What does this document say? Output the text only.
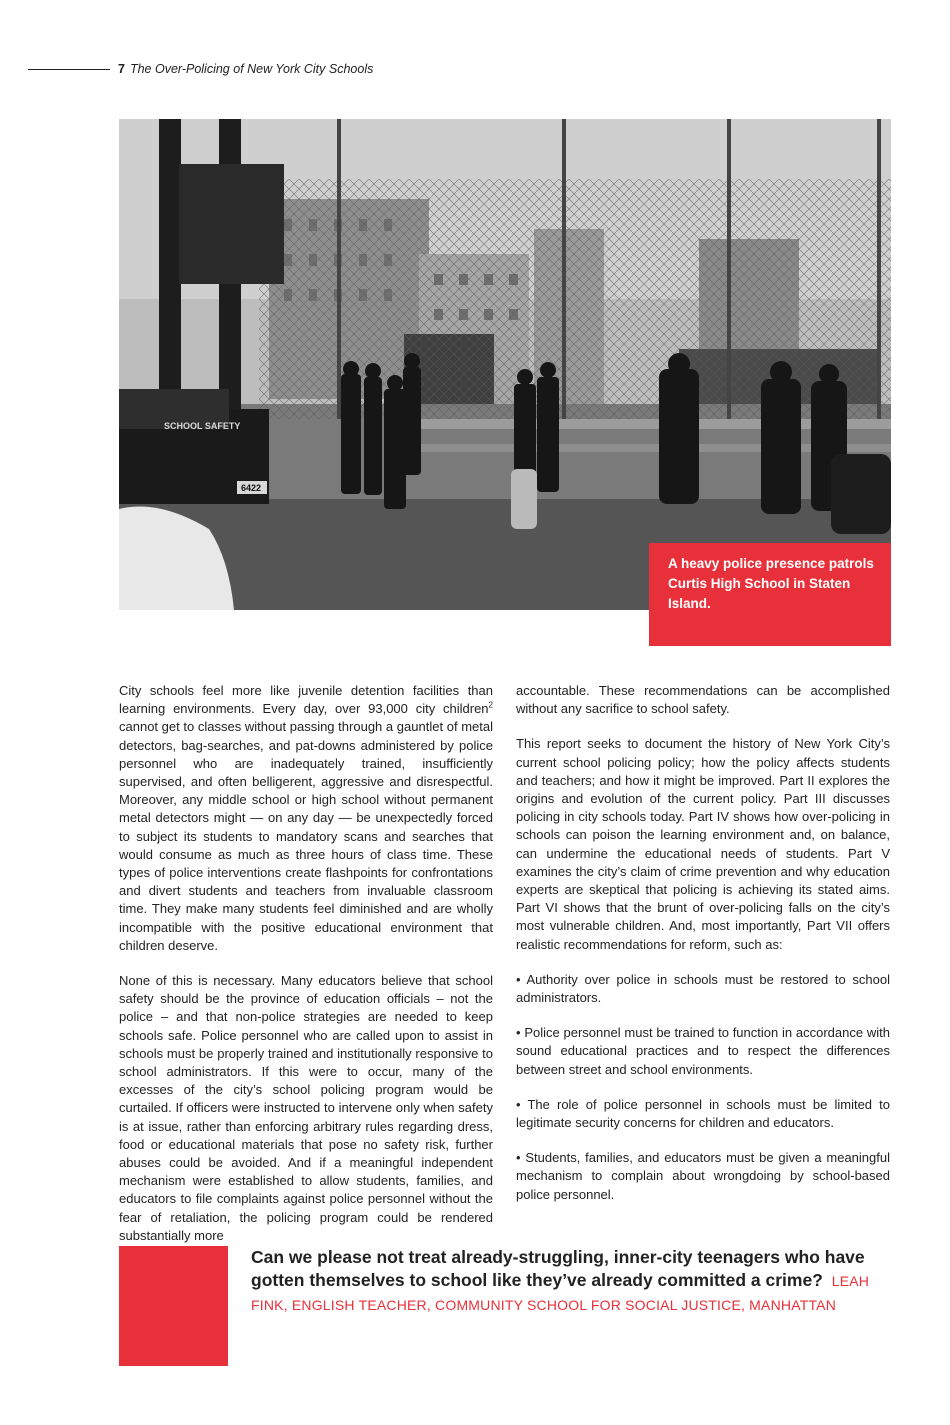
7 The Over-Policing of New York City Schools
SCHOOL SAFETY
6422
A heavy police presence patrols Curtis High School in Staten Island.

City schools feel more like juvenile detention facilities than learning environments. Every day, over 93,000 city children$^2$ cannot get to classes without passing through a gauntlet of metal detectors, bag-searches, and pat-downs administered by police personnel who are inadequately trained, insufficiently supervised, and often belligerent, aggressive and disrespectful. Moreover, any middle school or high school without permanent metal detectors might — on any day — be unexpectedly forced to subject its students to mandatory scans and searches that would consume as much as three hours of class time. These types of police interventions create flashpoints for confrontations and divert students and teachers from invaluable classroom time. They make many students feel diminished and are wholly incompatible with the positive educational environment that children deserve.

None of this is necessary. Many educators believe that school safety should be the province of education officials – not the police – and that non-police strategies are needed to keep schools safe. Police personnel who are called upon to assist in schools must be properly trained and institutionally responsive to school administrators. If this were to occur, many of the excesses of the city’s school policing program would be curtailed. If officers were instructed to intervene only when safety is at issue, rather than enforcing arbitrary rules regarding dress, food or educational materials that pose no safety risk, further abuses could be avoided. And if a meaningful independent mechanism were established to allow students, families, and educators to file complaints against police personnel without the fear of retaliation, the policing program could be rendered substantially more

accountable. These recommendations can be accomplished without any sacrifice to school safety.

This report seeks to document the history of New York City’s current school policing policy; how the policy affects students and teachers; and how it might be improved. Part II explores the origins and evolution of the current policy. Part III discusses policing in city schools today. Part IV shows how over-policing in schools can poison the learning environment and, on balance, can undermine the educational needs of students. Part V examines the city’s claim of crime prevention and why education experts are skeptical that policing is achieving its stated aims. Part VI shows that the brunt of over-policing falls on the city’s most vulnerable children. And, most importantly, Part VII offers realistic recommendations for reform, such as:

• Authority over police in schools must be restored to school administrators.

• Police personnel must be trained to function in accordance with sound educational practices and to respect the differences between street and school environments.

• The role of police personnel in schools must be limited to legitimate security concerns for children and educators.

• Students, families, and educators must be given a meaningful mechanism to complain about wrongdoing by school-based police personnel.

Can we please not treat already-struggling, inner-city teenagers who have gotten themselves to school like they’ve already committed a crime? LEAH FINK, ENGLISH TEACHER, COMMUNITY SCHOOL FOR SOCIAL JUSTICE, MANHATTAN
